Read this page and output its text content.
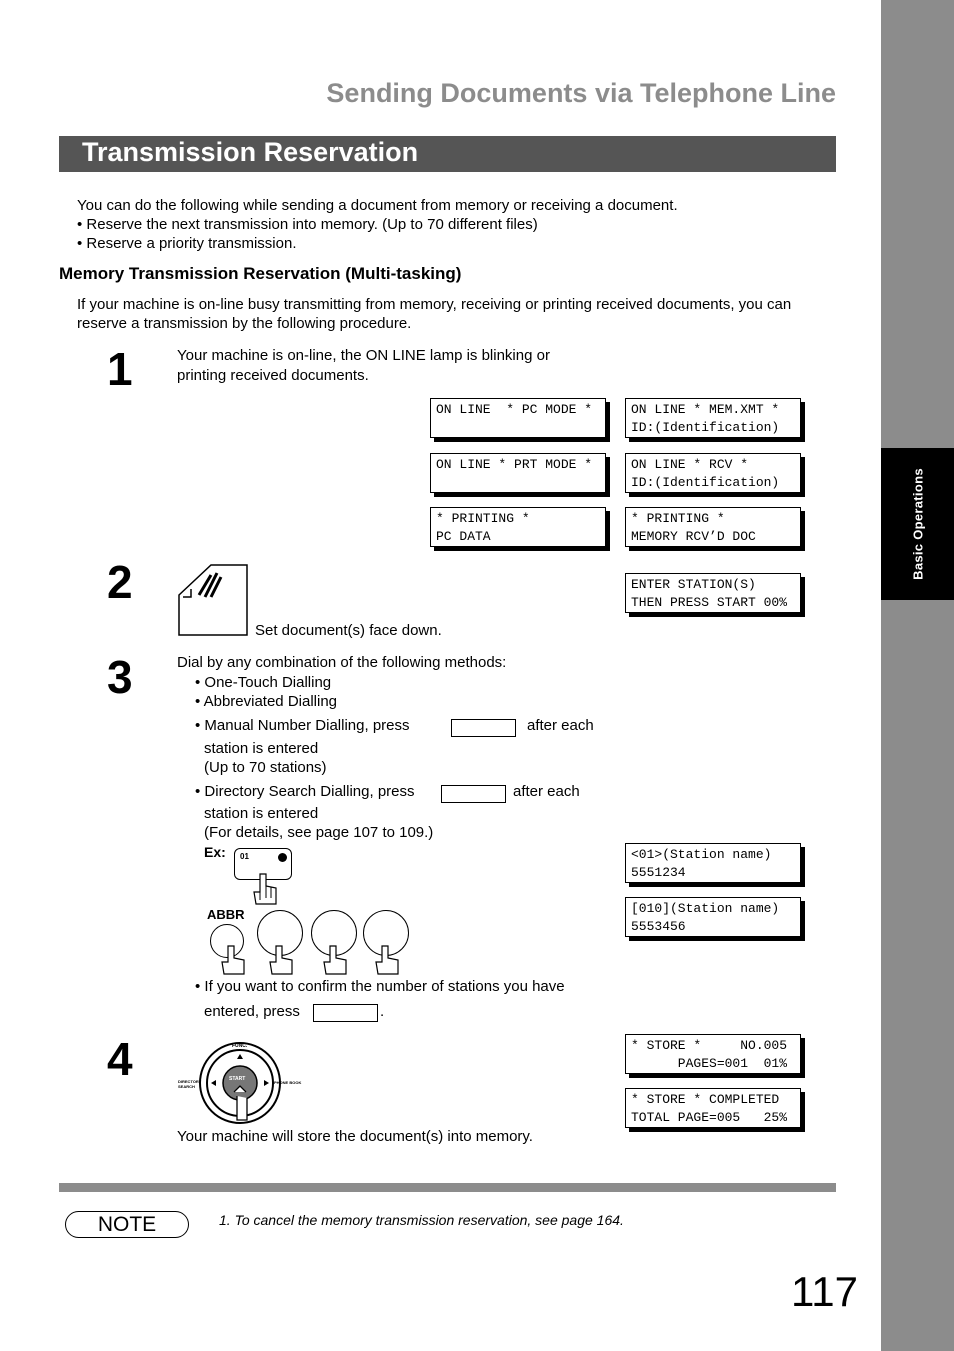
Basic Operations
Sending Documents via Telephone Line
Transmission Reservation
You can do the following while sending a document from memory or receiving a document.
• Reserve the next transmission into memory. (Up to 70 different files)
• Reserve a priority transmission.
Memory Transmission Reservation (Multi-tasking)
If your machine is on-line busy transmitting from memory, receiving or printing received documents, you can
reserve a transmission by the following procedure.
1	Your machine is on-line, the ON LINE lamp is blinking or
printing received documents.
ON LINE  * PC MODE *	ON LINE * MEM.XMT *
ID:(Identification)
ON LINE * PRT MODE *	ON LINE * RCV *
ID:(Identification)
* PRINTING *
PC DATA
* PRINTING *
MEMORY RCV’D DOC
2
Set document(s) face down.
ENTER STATION(S)
THEN PRESS START 00%
3	Dial by any combination of the following methods:
• One-Touch Dialling
• Abbreviated Dialling
• Manual Number Dialling, press	after each
station is entered
(Up to 70 stations)
• Directory Search Dialling, press	after each
station is entered
(For details, see page 107 to 109.)
Ex: 01
ABBR
• If you want to confirm the number of stations you have
entered, press	.
<01>(Station name)
5551234
[010](Station name)
5553456
4	START
FUNC.
DIRECTORY
SEARCH
PHONE BOOK
Your machine will store the document(s) into memory.
* STORE *     NO.005
PAGES=001  01%
* STORE * COMPLETED
TOTAL PAGE=005   25%
NOTE	1. To cancel the memory transmission reservation, see page 164.
117
